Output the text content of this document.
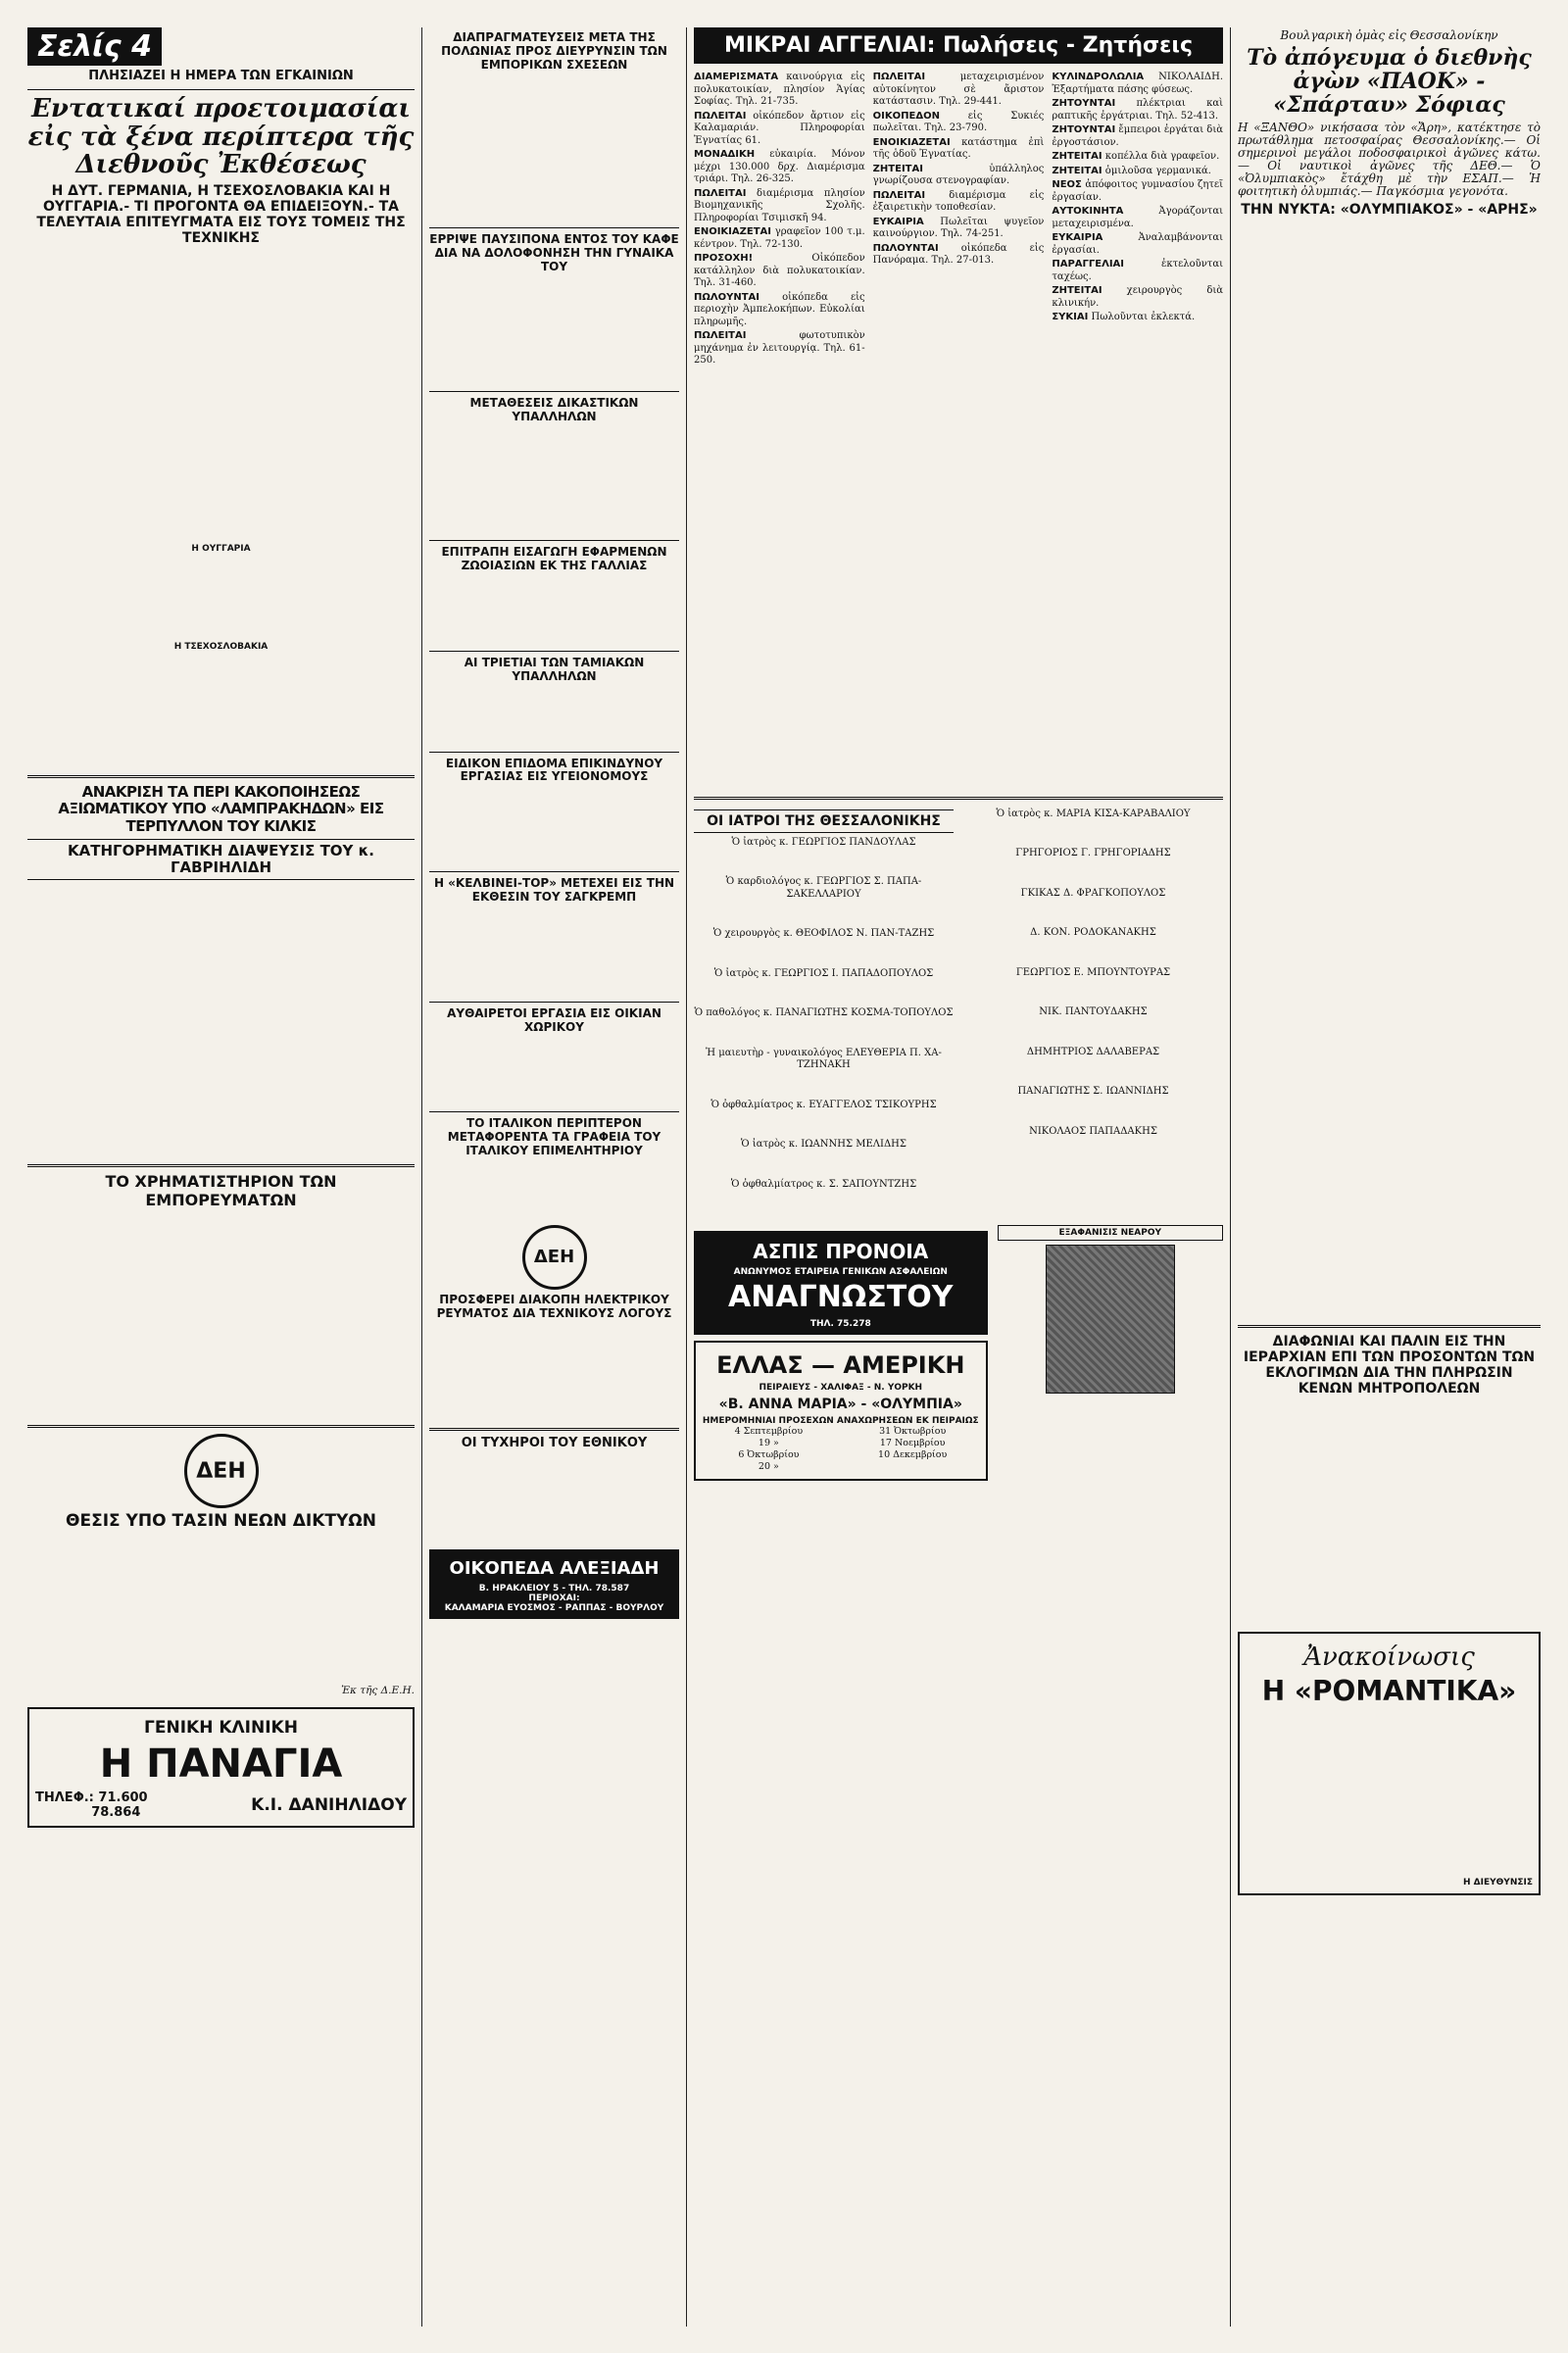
Σελίς 4
ΠΛΗΣΙΑΖΕΙ Η ΗΜΕΡΑ ΤΩΝ ΕΓΚΑΙΝΙΩΝ
Εντατικαί προετοιμασίαι εἰς τὰ ξένα περίπτερα τῆς Διεθνοῦς Ἐκθέσεως
Η ΔΥΤ. ΓΕΡΜΑΝΙΑ, Η ΤΣΕΧΟΣΛΟΒΑΚΙΑ ΚΑΙ Η ΟΥΓΓΑΡΙΑ.- ΤΙ ΠΡΟΓΟΝΤΑ ΘΑ ΕΠΙΔΕΙΞΟΥΝ.- ΤΑ ΤΕΛΕΥΤΑΙΑ ΕΠΙΤΕΥΓΜΑΤΑ ΕΙΣ ΤΟΥΣ ΤΟΜΕΙΣ ΤΗΣ ΤΕΧΝΙΚΗΣ
Η ΟΥΓΓΑΡΙΑ
Η ΤΣΕΧΟΣΛΟΒΑΚΙΑ
ΑΝΑΚΡΙΣΗ ΤΑ ΠΕΡΙ ΚΑΚΟΠΟΙΗΣΕΩΣ ΑΞΙΩΜΑΤΙΚΟΥ ΥΠΟ «ΛΑΜΠΡΑΚΗΔΩΝ» ΕΙΣ ΤΕΡΠΥΛΛΟΝ ΤΟΥ ΚΙΛΚΙΣ
ΚΑΤΗΓΟΡΗΜΑΤΙΚΗ ΔΙΑΨΕΥΣΙΣ ΤΟΥ κ. ΓΑΒΡΙΗΛΙΔΗ
ΤΟ ΧΡΗΜΑΤΙΣΤΗΡΙΟΝ ΤΩΝ ΕΜΠΟΡΕΥΜΑΤΩΝ
ΔΕΗ
ΘΕΣΙΣ ΥΠΟ ΤΑΣΙΝ ΝΕΩΝ ΔΙΚΤΥΩΝ
Ἐκ τῆς Δ.Ε.Η.
ΓΕΝΙΚΗ ΚΛΙΝΙΚΗ
Η ΠΑΝΑΓΙΑ
ΤΗΛΕΦ.: 71.600
78.864	Κ.Ι. ΔΑΝΙΗΛΙΔΟΥ
ΔΙΑΠΡΑΓΜΑΤΕΥΣΕΙΣ ΜΕΤΑ ΤΗΣ ΠΟΛΩΝΙΑΣ ΠΡΟΣ ΔΙΕΥΡΥΝΣΙΝ ΤΩΝ ΕΜΠΟΡΙΚΩΝ ΣΧΕΣΕΩΝ
ΕΡΡΙΨΕ ΠΑΥΣΙΠΟΝΑ ΕΝΤΟΣ ΤΟΥ ΚΑΦΕ ΔΙΑ ΝΑ ΔΟΛΟΦΟΝΗΣΗ ΤΗΝ ΓΥΝΑΙΚΑ ΤΟΥ
ΜΕΤΑΘΕΣΕΙΣ ΔΙΚΑΣΤΙΚΩΝ ΥΠΑΛΛΗΛΩΝ
ΕΠΙΤΡΑΠΗ ΕΙΣΑΓΩΓΗ ΕΦΑΡΜΕΝΩΝ ΖΩΟΙΑΣΙΩΝ ΕΚ ΤΗΣ ΓΑΛΛΙΑΣ
ΑΙ ΤΡΙΕΤΙΑΙ ΤΩΝ ΤΑΜΙΑΚΩΝ ΥΠΑΛΛΗΛΩΝ
ΕΙΔΙΚΟΝ ΕΠΙΔΟΜΑ ΕΠΙΚΙΝΔΥΝΟΥ ΕΡΓΑΣΙΑΣ ΕΙΣ ΥΓΕΙΟΝΟΜΟΥΣ
Η «ΚΕΛΒΙΝΕΙ-ΤΟΡ» ΜΕΤΕΧΕΙ ΕΙΣ ΤΗΝ ΕΚΘΕΣΙΝ ΤΟΥ ΣΑΓΚΡΕΜΠ
ΑΥΘΑΙΡΕΤΟΙ ΕΡΓΑΣΙΑ ΕΙΣ ΟΙΚΙΑΝ ΧΩΡΙΚΟΥ
ΤΟ ΙΤΑΛΙΚΟΝ ΠΕΡΙΠΤΕΡΟΝ ΜΕΤΑΦΟΡΕΝΤΑ ΤΑ ΓΡΑΦΕΙΑ ΤΟΥ ΙΤΑΛΙΚΟΥ ΕΠΙΜΕΛΗΤΗΡΙΟΥ
ΔΕΗ
ΠΡΟΣΦΕΡΕΙ ΔΙΑΚΟΠΗ ΗΛΕΚΤΡΙΚΟΥ ΡΕΥΜΑΤΟΣ ΔΙΑ ΤΕΧΝΙΚΟΥΣ ΛΟΓΟΥΣ
ΟΙ ΤΥΧΗΡΟΙ ΤΟΥ ΕΘΝΙΚΟΥ
ΟΙΚΟΠΕΔΑ ΑΛΕΞΙΑΔΗ
Β. ΗΡΑΚΛΕΙΟΥ 5 - ΤΗΛ. 78.587
ΠΕΡΙΟΧΑΙ:
ΚΑΛΑΜΑΡΙΑ ΕΥΟΣΜΟΣ - ΡΑΠΠΑΣ - ΒΟΥΡΛΟΥ
ΜΙΚΡΑΙ ΑΓΓΕΛΙΑΙ: Πωλήσεις - Ζητήσεις
ΔΙΑΜΕΡΙΣΜΑΤΑ καινούργια εἰς πολυκατοικίαν, πλησίον Ἁγίας Σοφίας. Τηλ. 21-735.
ΠΩΛΕΙΤΑΙ οἰκόπεδον ἄρτιον εἰς Καλαμαριάν. Πληροφορίαι Ἐγνατίας 61.
ΜΟΝΑΔΙΚΗ εὐκαιρία. Μόνον μέχρι 130.000 δρχ. Διαμέρισμα τριάρι. Τηλ. 26-325.
ΠΩΛΕΙΤΑΙ διαμέρισμα πλησίον Βιομηχανικῆς Σχολῆς. Πληροφορίαι Τσιμισκῆ 94.
ΕΝΟΙΚΙΑΖΕΤΑΙ γραφεῖον 100 τ.μ. κέντρον. Τηλ. 72-130.
ΠΡΟΣΟΧΗ! Οἰκόπεδον κατάλληλον διὰ πολυκατοικίαν. Τηλ. 31-460.
ΠΩΛΟΥΝΤΑΙ οἰκόπεδα εἰς περιοχὴν Ἀμπελοκήπων. Εὐκολίαι πληρωμῆς.
ΠΩΛΕΙΤΑΙ φωτοτυπικὸν μηχάνημα ἐν λειτουργίᾳ. Τηλ. 61-250.
ΠΩΛΕΙΤΑΙ μεταχειρισμένον αὐτοκίνητον σὲ ἄριστον κατάστασιν. Τηλ. 29-441.
ΟΙΚΟΠΕΔΟΝ εἰς Συκιές πωλεῖται. Τηλ. 23-790.
ΕΝΟΙΚΙΑΖΕΤΑΙ κατάστημα ἐπὶ τῆς ὁδοῦ Ἐγνατίας.
ΖΗΤΕΙΤΑΙ ὑπάλληλος γνωρίζουσα στενογραφίαν.
ΠΩΛΕΙΤΑΙ διαμέρισμα εἰς ἐξαιρετικὴν τοποθεσίαν.
ΕΥΚΑΙΡΙΑ Πωλεῖται ψυγεῖον καινούργιον. Τηλ. 74-251.
ΠΩΛΟΥΝΤΑΙ οἰκόπεδα εἰς Πανόραμα. Τηλ. 27-013.
ΚΥΛΙΝΔΡΟΛΩΛΙΑ ΝΙΚΟΛΑΙΔΗ. Ἐξαρτήματα πάσης φύσεως.
ΖΗΤΟΥΝΤΑΙ πλέκτριαι καὶ ραπτικῆς ἐργάτριαι. Τηλ. 52-413.
ΖΗΤΟΥΝΤΑΙ ἔμπειροι ἐργάται διὰ ἐργοστάσιον.
ΖΗΤΕΙΤΑΙ κοπέλλα διὰ γραφεῖον.
ΖΗΤΕΙΤΑΙ ὁμιλοῦσα γερμανικά.
ΝΕΟΣ ἀπόφοιτος γυμνασίου ζητεῖ ἐργασίαν.
ΑΥΤΟΚΙΝΗΤΑ Ἀγοράζονται μεταχειρισμένα.
ΕΥΚΑΙΡΙΑ Ἀναλαμβάνονται ἐργασίαι.
ΠΑΡΑΓΓΕΛΙΑΙ ἐκτελοῦνται ταχέως.
ΖΗΤΕΙΤΑΙ χειρουργὸς διὰ κλινικήν.
ΣΥΚΙΑΙ Πωλοῦνται ἐκλεκτά.
ΟΙ ΙΑΤΡΟΙ ΤΗΣ ΘΕΣΣΑΛΟΝΙΚΗΣ

Ὁ ἰατρὸς κ. ΓΕΩΡΓΙΟΣ ΠΑΝΔΟΥΛΑΣ

Ὁ καρδιολόγος κ. ΓΕΩΡΓΙΟΣ Σ. ΠΑΠΑ-ΣΑΚΕΛΛΑΡΙΟΥ

Ὁ χειρουργὸς κ. ΘΕΟΦΙΛΟΣ Ν. ΠΑΝ-ΤΑΖΗΣ

Ὁ ἰατρὸς κ. ΓΕΩΡΓΙΟΣ Ι. ΠΑΠΑΔΟΠΟΥΛΟΣ

Ὁ παθολόγος κ. ΠΑΝΑΓΙΩΤΗΣ ΚΟΣΜΑ-ΤΟΠΟΥΛΟΣ

Ἡ μαιευτὴρ - γυναικολόγος ΕΛΕΥΘΕΡΙΑ Π. ΧΑ-ΤΖΗΝΑΚΗ

Ὁ ὀφθαλμίατρος κ. ΕΥΑΓΓΕΛΟΣ ΤΣΙΚΟΥΡΗΣ

Ὁ ἰατρὸς κ. ΙΩΑΝΝΗΣ ΜΕΛΙΔΗΣ

Ὁ ὀφθαλμίατρος κ. Σ. ΣΑΠΟΥΝΤΖΗΣ

Ὁ ἰατρὸς κ. ΜΑΡΙΑ ΚΙΣΑ-ΚΑΡΑΒΑΛΙΟΥ

ΓΡΗΓΟΡΙΟΣ Γ. ΓΡΗΓΟΡΙΑΔΗΣ

ΓΚΙΚΑΣ Δ. ΦΡΑΓΚΟΠΟΥΛΟΣ

Δ. ΚΟΝ. ΡΟΔΟΚΑΝΑΚΗΣ

ΓΕΩΡΓΙΟΣ Ε. ΜΠΟΥΝΤΟΥΡΑΣ

ΝΙΚ. ΠΑΝΤΟΥΔΑΚΗΣ

ΔΗΜΗΤΡΙΟΣ ΔΑΛΑΒΕΡΑΣ

ΠΑΝΑΓΙΩΤΗΣ Σ. ΙΩΑΝΝΙΔΗΣ

ΝΙΚΟΛΑΟΣ ΠΑΠΑΔΑΚΗΣ

ΑΣΠΙΣ ΠΡΟΝΟΙΑ
ΑΝΩΝΥΜΟΣ ΕΤΑΙΡΕΙΑ ΓΕΝΙΚΩΝ ΑΣΦΑΛΕΙΩΝ
ΑΝΑΓΝΩΣΤΟΥ
ΤΗΛ. 75.278
ΕΛΛΑΣ — ΑΜΕΡΙΚΗ
ΠΕΙΡΑΙΕΥΣ - ΧΑΛΙΦΑΞ - Ν. ΥΟΡΚΗ
«Β. ΑΝΝΑ ΜΑΡΙΑ» - «ΟΛΥΜΠΙΑ»
ΗΜΕΡΟΜΗΝΙΑΙ ΠΡΟΣΕΧΩΝ ΑΝΑΧΩΡΗΣΕΩΝ ΕΚ ΠΕΙΡΑΙΩΣ
4 Σεπτεμβρίου
19 »
6 Ὀκτωβρίου
20 »
31 Ὀκτωβρίου
17 Νοεμβρίου
10 Δεκεμβρίου
ΕΞΑΦΑΝΙΣΙΣ ΝΕΑΡΟΥ
Βουλγαρικὴ ὁμὰς εἰς Θεσσαλονίκην
Τὸ ἀπόγευμα ὁ διεθνὴς ἀγὼν «ΠΑΟΚ» - «Σπάρταυ» Σόφιας
Η «ΞΑΝΘΟ» νικήσασα τὸν «Ἄρη», κατέκτησε τὸ πρωτάθλημα πετοσφαίρας Θεσσαλονίκης.— Οἱ σημερινοὶ μεγάλοι ποδοσφαιρικοὶ ἀγῶνες κάτω.— Οἱ ναυτικοὶ ἀγῶνες τῆς ΔΕΘ.— Ὁ «Ὀλυμπιακὸς» ἔτάχθη μὲ τὴν ΕΣΑΠ.— Ἡ φοιτητικὴ ὀλυμπιάς.— Παγκόσμια γεγονότα.
ΤΗΝ ΝΥΚΤΑ: «ΟΛΥΜΠΙΑΚΟΣ» - «ΑΡΗΣ»
ΔΙΑΦΩΝΙΑΙ ΚΑΙ ΠΑΛΙΝ ΕΙΣ ΤΗΝ ΙΕΡΑΡΧΙΑΝ ΕΠΙ ΤΩΝ ΠΡΟΣΟΝΤΩΝ ΤΩΝ ΕΚΛΟΓΙΜΩΝ ΔΙΑ ΤΗΝ ΠΛΗΡΩΣΙΝ ΚΕΝΩΝ ΜΗΤΡΟΠΟΛΕΩΝ
Ἀνακοίνωσις
Η «ΡΟΜΑΝΤΙΚΑ»
Η ΔΙΕΥΘΥΝΣΙΣ
